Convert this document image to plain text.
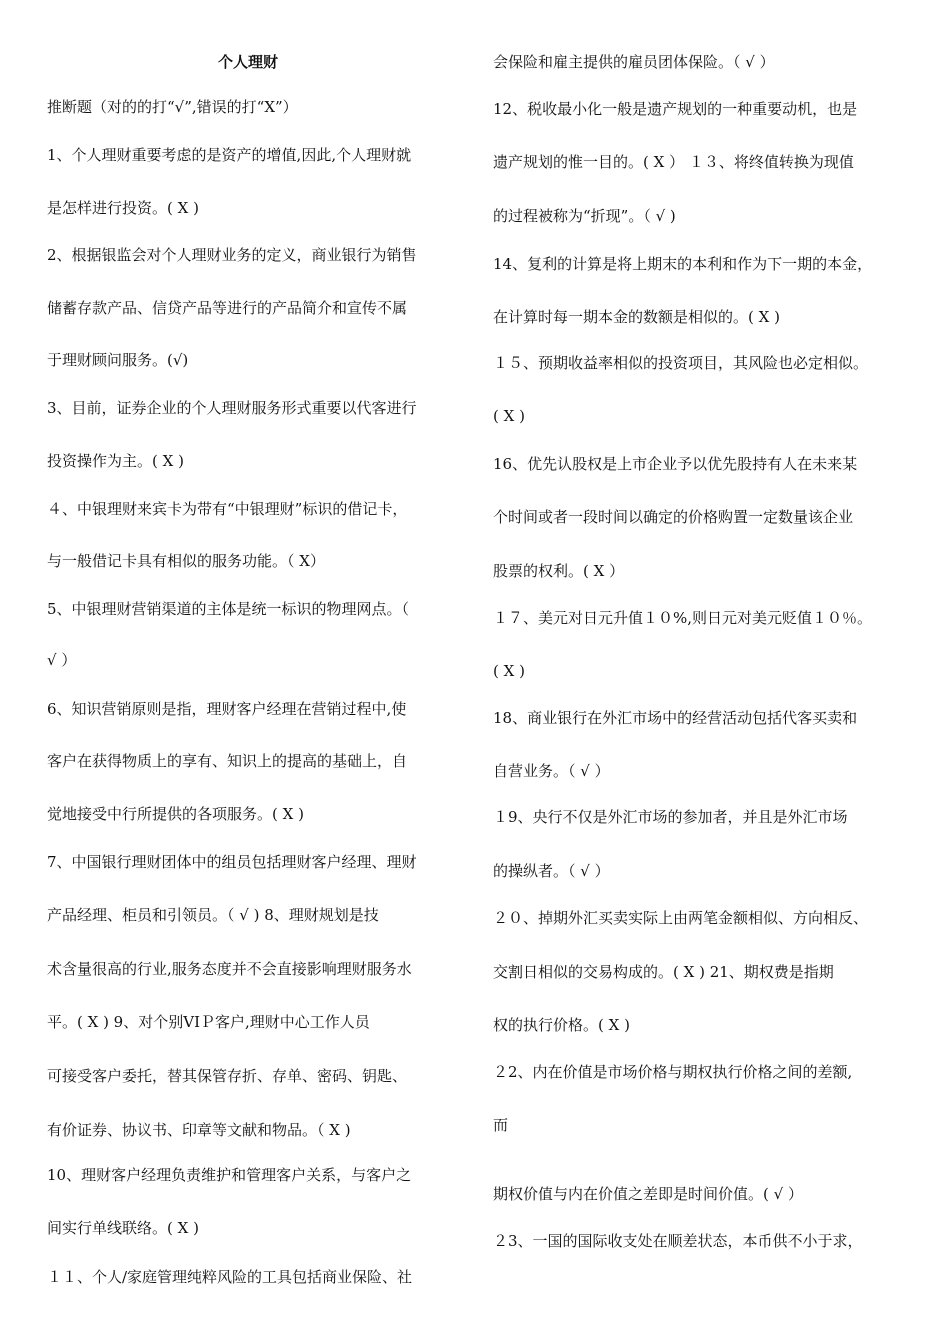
个人理财
推断题（对的的打“√”,错误的打“X”）
1、个人理财重要考虑的是资产的增值,因此,个人理财就
是怎样进行投资。( X )
2、根据银监会对个人理财业务的定义，商业银行为销售
储蓄存款产品、信贷产品等进行的产品简介和宣传不属
于理财顾问服务。(√)
3、目前，证券企业的个人理财服务形式重要以代客进行
投资操作为主。( X )
４、中银理财来宾卡为带有“中银理财”标识的借记卡，
与一般借记卡具有相似的服务功能。（ X）
5、中银理财营销渠道的主体是统一标识的物理网点。（
√ ）
6、知识营销原则是指，理财客户经理在营销过程中,使
客户在获得物质上的享有、知识上的提高的基础上，自
觉地接受中行所提供的各项服务。( X )
7、中国银行理财团体中的组员包括理财客户经理、理财
产品经理、柜员和引领员。（ √ ) 8、理财规划是技
术含量很高的行业,服务态度并不会直接影响理财服务水
平。( X ) 9、对个别VIＰ客户,理财中心工作人员
可接受客户委托，替其保管存折、存单、密码、钥匙、
有价证券、协议书、印章等文献和物品。（ X )
10、理财客户经理负责维护和管理客户关系，与客户之
间实行单线联络。( X )
１１、个人/家庭管理纯粹风险的工具包括商业保险、社
会保险和雇主提供的雇员团体保险。（ √ ）
12、税收最小化一般是遗产规划的一种重要动机，也是
遗产规划的惟一目的。( X ） １３、将终值转换为现值
的过程被称为“折现”。（ √ )
14、复利的计算是将上期末的本利和作为下一期的本金，
在计算时每一期本金的数额是相似的。( X )
１５、预期收益率相似的投资项目，其风险也必定相似。
( X )
16、优先认股权是上市企业予以优先股持有人在未来某
个时间或者一段时间以确定的价格购置一定数量该企业
股票的权利。( X ）
１７、美元对日元升值１０%,则日元对美元贬值１０％。
( X )
18、商业银行在外汇市场中的经营活动包括代客买卖和
自营业务。（ √ ）
１9、央行不仅是外汇市场的参加者，并且是外汇市场
的操纵者。（ √ ）
２０、掉期外汇买卖实际上由两笔金额相似、方向相反、
交割日相似的交易构成的。( X ) 21、期权费是指期
权的执行价格。( X )
２2、内在价值是市场价格与期权执行价格之间的差额,
而
期权价值与内在价值之差即是时间价值。( √ ）
２3、一国的国际收支处在顺差状态，本币供不小于求，
